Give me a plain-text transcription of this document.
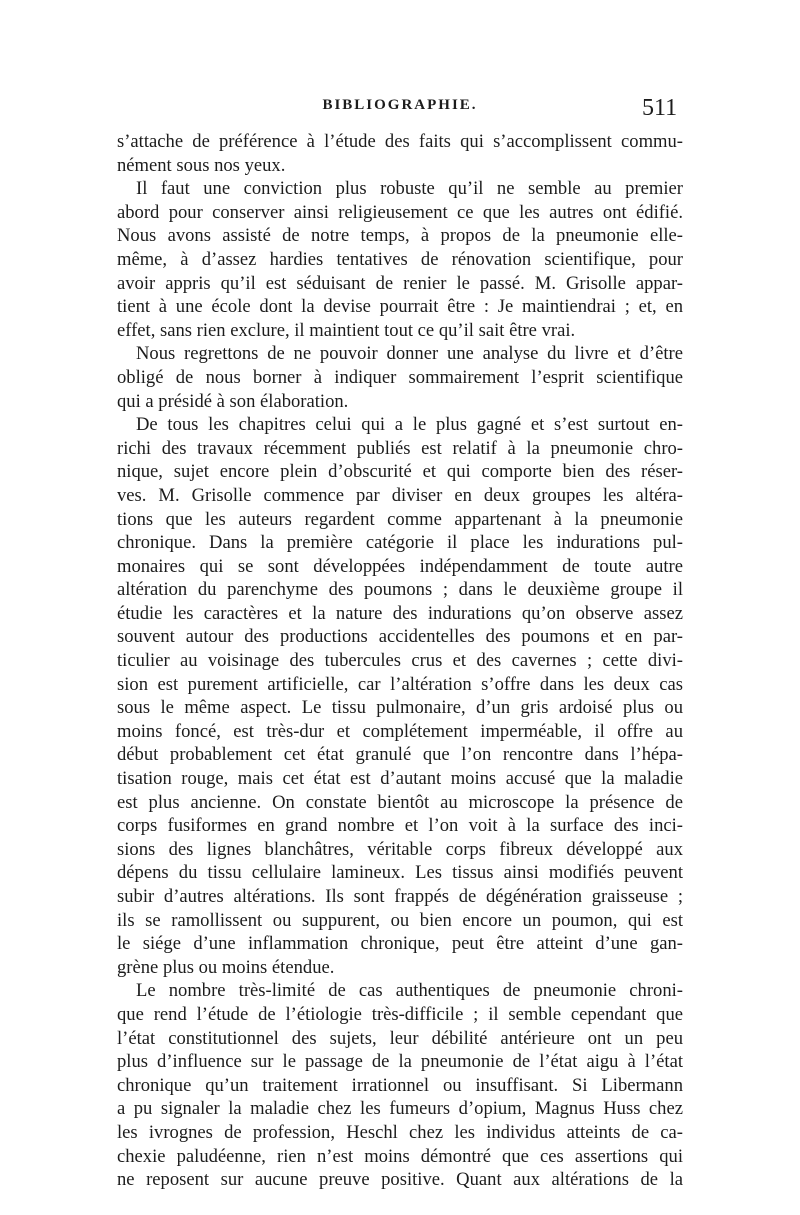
BIBLIOGRAPHIE.	511
s’attache de préférence à l’étude des faits qui s’accomplissent commu-
nément sous nos yeux.
Il faut une conviction plus robuste qu’il ne semble au premier
abord pour conserver ainsi religieusement ce que les autres ont édifié.
Nous avons assisté de notre temps, à propos de la pneumonie elle-
même, à d’assez hardies tentatives de rénovation scientifique, pour
avoir appris qu’il est séduisant de renier le passé. M. Grisolle appar-
tient à une école dont la devise pourrait être : Je maintiendrai ; et, en
effet, sans rien exclure, il maintient tout ce qu’il sait être vrai.
Nous regrettons de ne pouvoir donner une analyse du livre et d’être
obligé de nous borner à indiquer sommairement l’esprit scientifique
qui a présidé à son élaboration.
De tous les chapitres celui qui a le plus gagné et s’est surtout en-
richi des travaux récemment publiés est relatif à la pneumonie chro-
nique, sujet encore plein d’obscurité et qui comporte bien des réser-
ves. M. Grisolle commence par diviser en deux groupes les altéra-
tions que les auteurs regardent comme appartenant à la pneumonie
chronique. Dans la première catégorie il place les indurations pul-
monaires qui se sont développées indépendamment de toute autre
altération du parenchyme des poumons ; dans le deuxième groupe il
étudie les caractères et la nature des indurations qu’on observe assez
souvent autour des productions accidentelles des poumons et en par-
ticulier au voisinage des tubercules crus et des cavernes ; cette divi-
sion est purement artificielle, car l’altération s’offre dans les deux cas
sous le même aspect. Le tissu pulmonaire, d’un gris ardoisé plus ou
moins foncé, est très-dur et complétement imperméable, il offre au
début probablement cet état granulé que l’on rencontre dans l’hépa-
tisation rouge, mais cet état est d’autant moins accusé que la maladie
est plus ancienne. On constate bientôt au microscope la présence de
corps fusiformes en grand nombre et l’on voit à la surface des inci-
sions des lignes blanchâtres, véritable corps fibreux développé aux
dépens du tissu cellulaire lamineux. Les tissus ainsi modifiés peuvent
subir d’autres altérations. Ils sont frappés de dégénération graisseuse ;
ils se ramollissent ou suppurent, ou bien encore un poumon, qui est
le siége d’une inflammation chronique, peut être atteint d’une gan-
grène plus ou moins étendue.
Le nombre très-limité de cas authentiques de pneumonie chroni-
que rend l’étude de l’étiologie très-difficile ; il semble cependant que
l’état constitutionnel des sujets, leur débilité antérieure ont un peu
plus d’influence sur le passage de la pneumonie de l’état aigu à l’état
chronique qu’un traitement irrationnel ou insuffisant. Si Libermann
a pu signaler la maladie chez les fumeurs d’opium, Magnus Huss chez
les ivrognes de profession, Heschl chez les individus atteints de ca-
chexie paludéenne, rien n’est moins démontré que ces assertions qui
ne reposent sur aucune preuve positive. Quant aux altérations de la
